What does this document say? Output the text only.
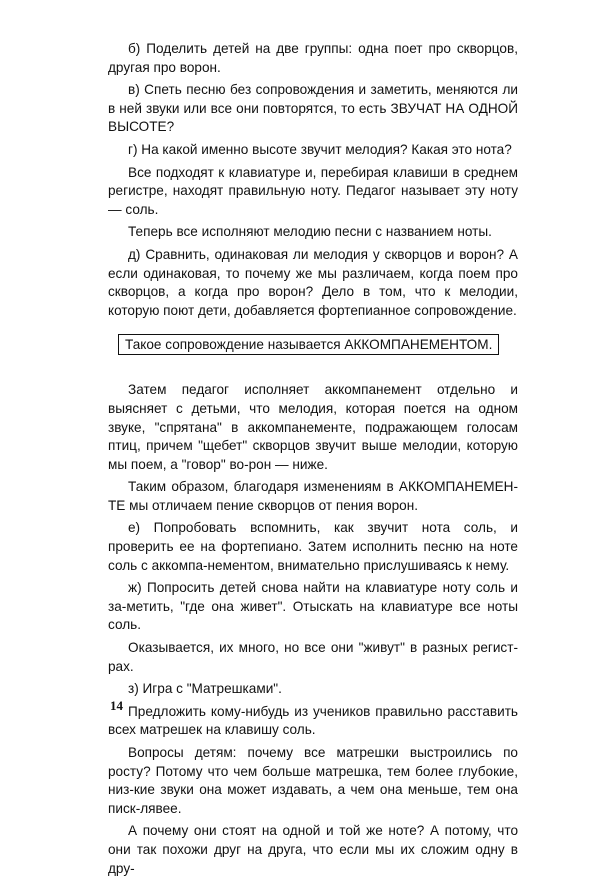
б) Поделить детей на две группы: одна поет про скворцов, другая про ворон.

в) Спеть песню без сопровождения и заметить, меняются ли в ней звуки или все они повторятся, то есть ЗВУЧАТ НА ОДНОЙ ВЫСОТЕ?

г) На какой именно высоте звучит мелодия? Какая это нота?

Все подходят к клавиатуре и, перебирая клавиши в среднем регистре, находят правильную ноту. Педагог называет эту ноту — соль.

Теперь все исполняют мелодию песни с названием ноты.

д) Сравнить, одинаковая ли мелодия у скворцов и ворон? А если одинаковая, то почему же мы различаем, когда поем про скворцов, а когда про ворон? Дело в том, что к мелодии, которую поют дети, добавляется фортепианное сопровождение.

Такое сопровождение называется АККОМПАНЕМЕНТОМ.

Затем педагог исполняет аккомпанемент отдельно и выясняет с детьми, что мелодия, которая поется на одном звуке, "спрятана" в аккомпанементе, подражающем голосам птиц, причем "щебет" скворцов звучит выше мелодии, которую мы поем, а "говор" во-рон — ниже.

Таким образом, благодаря изменениям в АККОМПАНЕМЕН-ТЕ мы отличаем пение скворцов от пения ворон.

е) Попробовать вспомнить, как звучит нота соль, и проверить ее на фортепиано. Затем исполнить песню на ноте соль с аккомпа-нементом, внимательно прислушиваясь к нему.

ж) Попросить детей снова найти на клавиатуре ноту соль и за-метить, "где она живет". Отыскать на клавиатуре все ноты соль.

Оказывается, их много, но все они "живут" в разных регист-рах.

з) Игра с "Матрешками".

Предложить кому-нибудь из учеников правильно расставить всех матрешек на клавишу соль.

Вопросы детям: почему все матрешки выстроились по росту? Потому что чем больше матрешка, тем более глубокие, низ-кие звуки она может издавать, а чем она меньше, тем она писк-лявее.

А почему они стоят на одной и той же ноте? А потому, что они так похожи друг на друга, что если мы их сложим одну в дру-

14
